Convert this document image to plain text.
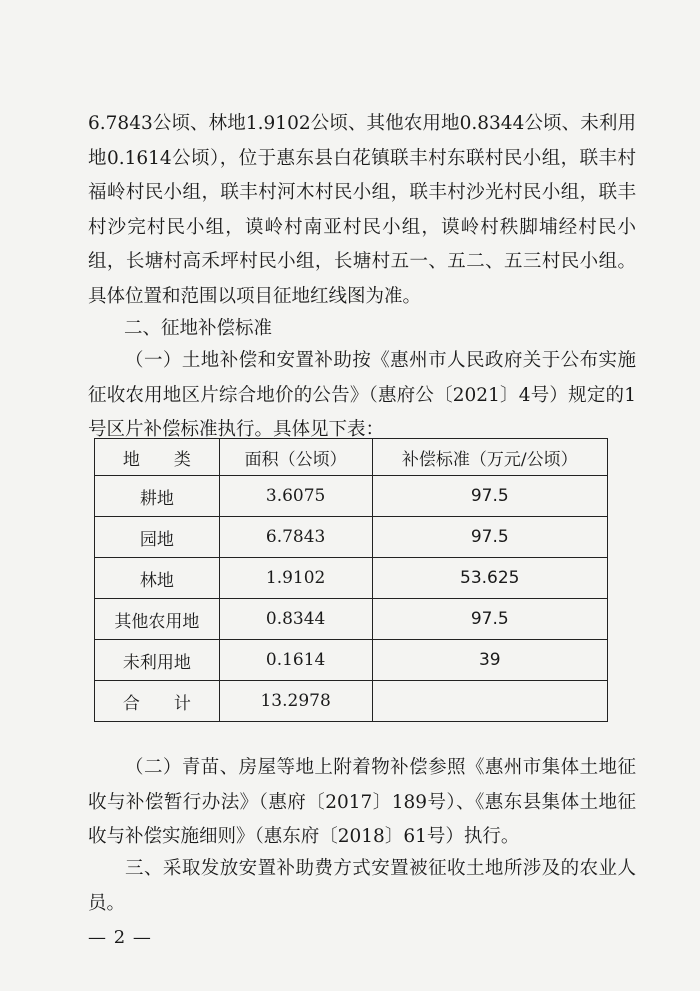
6.7843公顷、林地1.9102公顷、其他农用地0.8344公顷、未利用地0.1614公顷），位于惠东县白花镇联丰村东联村民小组，联丰村福岭村民小组，联丰村河木村民小组，联丰村沙光村民小组，联丰村沙完村民小组，谟岭村南亚村民小组，谟岭村秩脚埔经村民小组，长塘村高禾坪村民小组，长塘村五一、五二、五三村民小组。具体位置和范围以项目征地红线图为准。

二、征地补偿标准

（一）土地补偿和安置补助按《惠州市人民政府关于公布实施征收农用地区片综合地价的公告》（惠府公〔2021〕4号）规定的1号区片补偿标准执行。具体见下表：

地　　类	面积（公顷）	补偿标准（万元/公顷）
耕地	3.6075	97.5
园地	6.7843	97.5
林地	1.9102	53.625
其他农用地	0.8344	97.5
未利用地	0.1614	39
合　　计	13.2978	

（二）青苗、房屋等地上附着物补偿参照《惠州市集体土地征收与补偿暂行办法》（惠府〔2017〕189号）、《惠东县集体土地征收与补偿实施细则》（惠东府〔2018〕61号）执行。

三、采取发放安置补助费方式安置被征收土地所涉及的农业人员。

— 2 —
